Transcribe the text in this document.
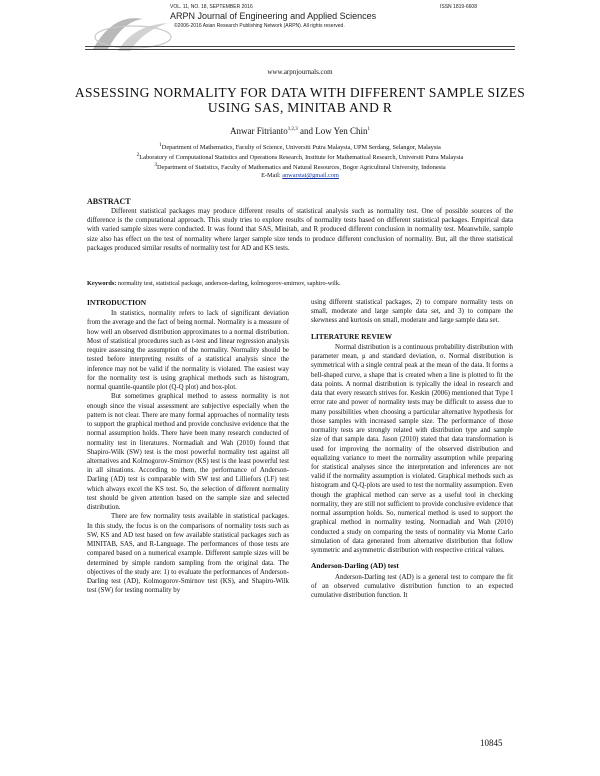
VOL. 11, NO. 18, SEPTEMBER 2016	ISSN 1819-6608
ARPN Journal of Engineering and Applied Sciences
©2006-2016 Asian Research Publishing Network (ARPN). All rights reserved.
www.arpnjournals.com
ASSESSING NORMALITY FOR DATA WITH DIFFERENT SAMPLE SIZES
USING SAS, MINITAB AND R
Anwar Fitrianto$^{1,2,3}$ and Low Yen Chin$^1$
$^1$Department of Mathematics, Faculty of Science, Universiti Putra Malaysia, UPM Serdang, Selangor, Malaysia
$^2$Laboratory of Computational Statistics and Operations Research, Institute for Mathematical Research, Universiti Putra Malaysia
$^3$Department of Statistics, Faculty of Mathematics and Natural Resources, Bogor Agricultural University, Indonesia
E-Mail: anwarstat@gmail.com
ABSTRACT
Different statistical packages may produce different results of statistical analysis such as normality test. One of possible sources of the difference is the computational approach. This study tries to explore results of normality tests based on different statistical packages. Empirical data with varied sample sizes were conducted. It was found that SAS, Minitab, and R produced different conclusion in normality test. Meanwhile, sample size also has effect on the test of normality where larger sample size tends to produce different conclusion of normality. But, all the three statistical packages produced similar results of normality test for AD and KS tests.
Keywords: normality test, statistical package, anderson-darling, kolmogorov-smirnov, saphiro-wilk.
INTRODUCTION

In statistics, normality refers to lack of significant deviation from the average and the fact of being normal. Normality is a measure of how well an observed distribution approximates to a normal distribution. Most of statistical procedures such as t-test and linear regression analysis require assessing the assumption of the normality. Normality should be tested before interpreting results of a statistical analysis since the inference may not be valid if the normality is violated. The easiest way for the normality test is using graphical methods such as histogram, normal quantile-quantile plot (Q-Q plot) and box-plot.

But sometimes graphical method to assess normality is not enough since the visual assessment are subjective especially when the pattern is not clear. There are many formal approaches of normality tests to support the graphical method and provide conclusive evidence that the normal assumption holds. There have been many research conducted of normality test in literatures. Normadiah and Wah (2010) found that Shapiro-Wilk (SW) test is the most powerful normality test against all alternatives and Kolmogorov-Smirnov (KS) test is the least powerful test in all situations. According to them, the performance of Anderson-Darling (AD) test is comparable with SW test and Lilliefors (LF) test which always excel the KS test. So, the selection of different normality test should be given attention based on the sample size and selected distribution.

There are few normality tests available in statistical packages. In this study, the focus is on the comparisons of normality tests such as SW, KS and AD test based on few available statistical packages such as MINITAB, SAS, and R-Language. The performances of those tests are compared based on a numerical example. Different sample sizes will be determined by simple random sampling from the original data. The objectives of the study are: 1) to evaluate the performances of Anderson-Darling test (AD), Kolmogorov-Smirnov test (KS), and Shapiro-Wilk test (SW) for testing normality by

using different statistical packages, 2) to compare normality tests on small, moderate and large sample data set, and 3) to compare the skewness and kurtosis on small, moderate and large sample data set.

LITERATURE REVIEW

Normal distribution is a continuous probability distribution with parameter mean, μ and standard deviation, σ. Normal distribution is symmetrical with a single central peak at the mean of the data. It forms a bell-shaped curve, a shape that is created when a line is plotted to fit the data points. A normal distribution is typically the ideal in research and data that every research strives for. Keskin (2006) mentioned that Type I error rate and power of normality tests may be difficult to assess due to many possibilities when choosing a particular alternative hypothesis for those samples with increased sample size. The performance of those normality tests are strongly related with distribution type and sample size of that sample data. Jason (2010) stated that data transformation is used for improving the normality of the observed distribution and equalizing variance to meet the normality assumption while preparing for statistical analyses since the interpretation and inferences are not valid if the normality assumption is violated. Graphical methods such as histogram and Q-Q-plots are used to test the normality assumption. Even though the graphical method can serve as a useful tool in checking normality, they are still not sufficient to provide conclusive evidence that normal assumption holds. So, numerical method is used to support the graphical method in normality testing. Normadiah and Wah (2010) conducted a study on comparing the tests of normality via Monte Carlo simulation of data generated from alternative distribution that follow symmetric and asymmetric distribution with respective critical values.

Anderson-Darling (AD) test

Anderson-Darling test (AD) is a general test to compare the fit of an observed cumulative distribution function to an expected cumulative distribution function. It

10845
